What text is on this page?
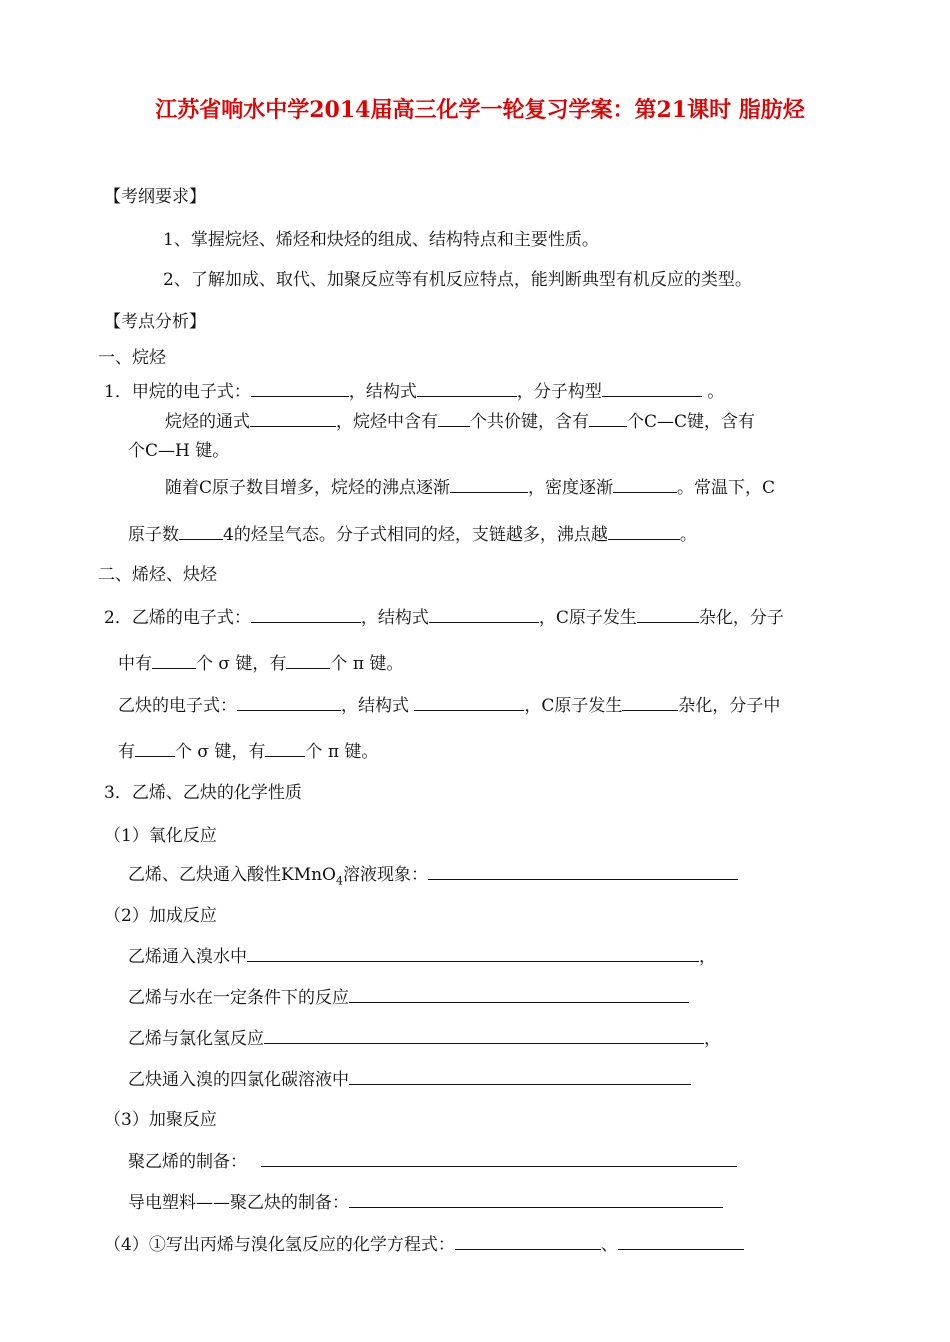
江苏省响水中学2014届高三化学一轮复习学案：第21课时 脂肪烃
【考纲要求】
1、掌握烷烃、烯烃和炔烃的组成、结构特点和主要性质。
2、了解加成、取代、加聚反应等有机反应特点，能判断典型有机反应的类型。
【考点分析】
一、烷烃
1．甲烷的电子式：	，结构式	，分子构型	。
烷烃的通式	，烷烃中含有 个共价键，含有 个C—C键，含有
个C—H 键。
随着C原子数目增多，烷烃的沸点逐渐	，密度逐渐	。常温下，C
原子数	4的烃呈气态。分子式相同的烃，支链越多，沸点越	。
二、烯烃、炔烃
2．乙烯的电子式：	，结构式	，C原子发生	杂化，分子
中有	个 σ 键，有	个 π 键。
乙炔的电子式：	，结构式	，C原子发生	杂化，分子中
有 个 σ 键，有 个 π 键。
3．乙烯、乙炔的化学性质
（1）氧化反应
乙烯、乙炔通入酸性KMnO$_4$溶液现象：
（2）加成反应
乙烯通入溴水中	，
乙烯与水在一定条件下的反应
乙烯与氯化氢反应	，
乙炔通入溴的四氯化碳溶液中
（3）加聚反应
聚乙烯的制备：
导电塑料——聚乙炔的制备：
（4）①写出丙烯与溴化氢反应的化学方程式：	、
